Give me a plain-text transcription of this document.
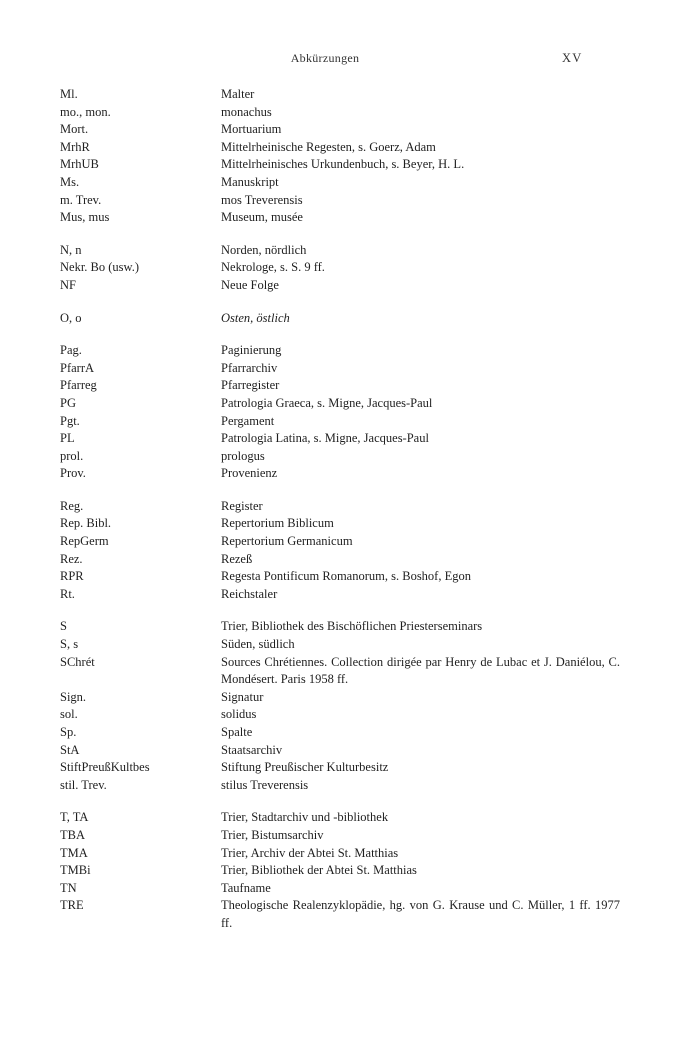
Abkürzungen	XV
Ml.	Malter
mo., mon.	monachus
Mort.	Mortuarium
MrhR	Mittelrheinische Regesten, s. Goerz, Adam
MrhUB	Mittelrheinisches Urkundenbuch, s. Beyer, H. L.
Ms.	Manuskript
m. Trev.	mos Treverensis
Mus, mus	Museum, musée
N, n	Norden, nördlich
Nekr. Bo (usw.)	Nekrologe, s. S. 9 ff.
NF	Neue Folge
O, o	Osten, östlich
Pag.	Paginierung
PfarrA	Pfarrarchiv
Pfarreg	Pfarregister
PG	Patrologia Graeca, s. Migne, Jacques-Paul
Pgt.	Pergament
PL	Patrologia Latina, s. Migne, Jacques-Paul
prol.	prologus
Prov.	Provenienz
Reg.	Register
Rep. Bibl.	Repertorium Biblicum
RepGerm	Repertorium Germanicum
Rez.	Rezeß
RPR	Regesta Pontificum Romanorum, s. Boshof, Egon
Rt.	Reichstaler
S	Trier, Bibliothek des Bischöflichen Priesterseminars
S, s	Süden, südlich
SChrét	Sources Chrétiennes. Collection dirigée par Henry de Lubac et J. Daniélou, C. Mondésert. Paris 1958 ff.
Sign.	Signatur
sol.	solidus
Sp.	Spalte
StA	Staatsarchiv
StiftPreußKultbes	Stiftung Preußischer Kulturbesitz
stil. Trev.	stilus Treverensis
T, TA	Trier, Stadtarchiv und -bibliothek
TBA	Trier, Bistumsarchiv
TMA	Trier, Archiv der Abtei St. Matthias
TMBi	Trier, Bibliothek der Abtei St. Matthias
TN	Taufname
TRE	Theologische Realenzyklopädie, hg. von G. Krause und C. Müller, 1 ff. 1977 ff.
